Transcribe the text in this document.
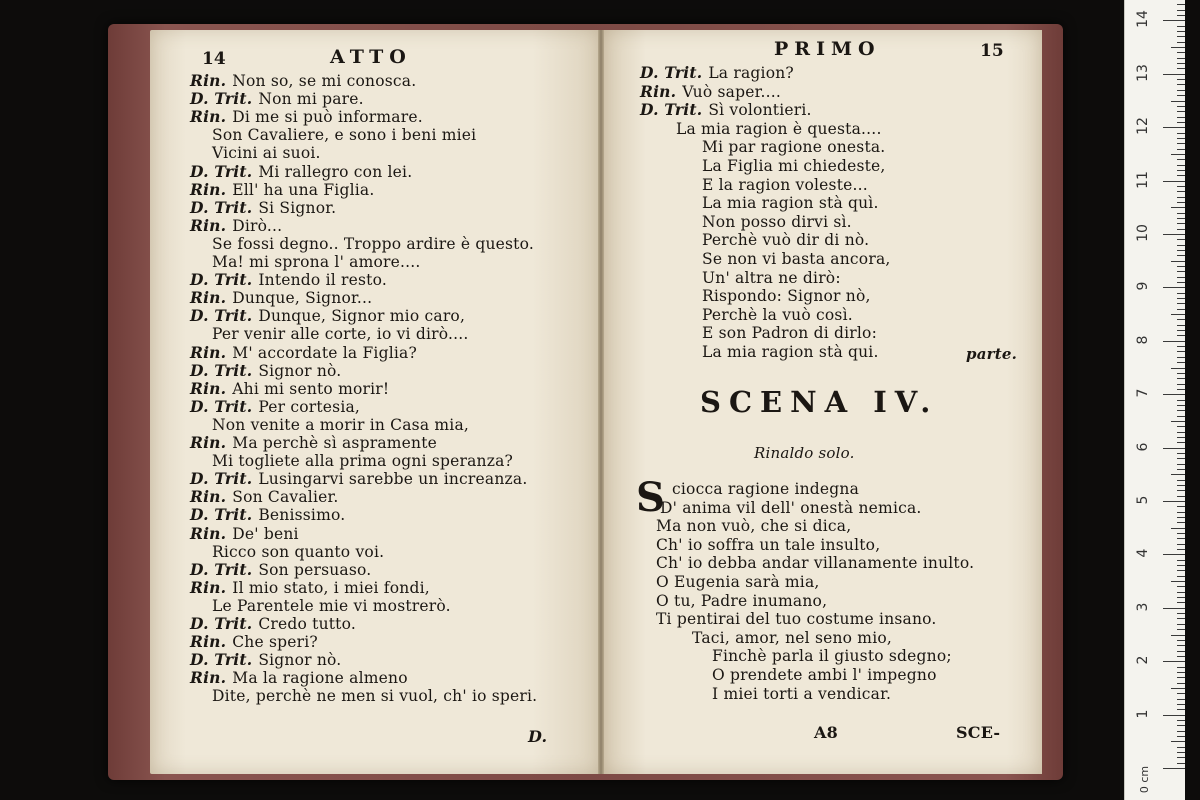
14	ATTO
Rin. Non so, se mi conosca.
D. Trit. Non mi pare.
Rin. Di me si può informare.
Son Cavaliere, e sono i beni miei
Vicini ai suoi.
D. Trit. Mi rallegro con lei.
Rin. Ell' ha una Figlia.
D. Trit. Si Signor.
Rin. Dirò...
Se fossi degno.. Troppo ardire è questo.
Ma! mi sprona l' amore....
D. Trit. Intendo il resto.
Rin. Dunque, Signor...
D. Trit. Dunque, Signor mio caro,
Per venir alle corte, io vi dirò....
Rin. M' accordate la Figlia?
D. Trit. Signor nò.
Rin. Ahi mi sento morir!
D. Trit. Per cortesia,
Non venite a morir in Casa mia,
Rin. Ma perchè sì aspramente
Mi togliete alla prima ogni speranza?
D. Trit. Lusingarvi sarebbe un increanza.
Rin. Son Cavalier.
D. Trit. Benissimo.
Rin. De' beni
Ricco son quanto voi.
D. Trit. Son persuaso.
Rin. Il mio stato, i miei fondi,
Le Parentele mie vi mostrerò.
D. Trit. Credo tutto.
Rin. Che speri?
D. Trit. Signor nò.
Rin. Ma la ragione almeno
Dite, perchè ne men si vuol, ch' io speri.
D.
PRIMO	15
D. Trit. La ragion?
Rin. Vuò saper....
D. Trit. Sì volontieri.
La mia ragion è questa....
Mi par ragione onesta.
La Figlia mi chiedeste,
E la ragion voleste...
La mia ragion stà quì.
Non posso dirvi sì.
Perchè vuò dir di nò.
Se non vi basta ancora,
Un' altra ne dirò:
Rispondo: Signor nò,
Perchè la vuò così.
E son Padron di dirlo:
La mia ragion stà qui.	parte.
SCENA IV.
Rinaldo solo.
S ciocca ragione indegna
D' anima vil dell' onestà nemica.
Ma non vuò, che si dica,
Ch' io soffra un tale insulto,
Ch' io debba andar villanamente inulto.
O Eugenia sarà mia,
O tu, Padre inumano,
Ti pentirai del tuo costume insano.
Taci, amor, nel seno mio,
Finchè parla il giusto sdegno;
O prendete ambi l' impegno
I miei torti a vendicar.
A8	SCE-
0 cm
1
2
3
4
5
6
7
8
9
10
11
12
13
14
